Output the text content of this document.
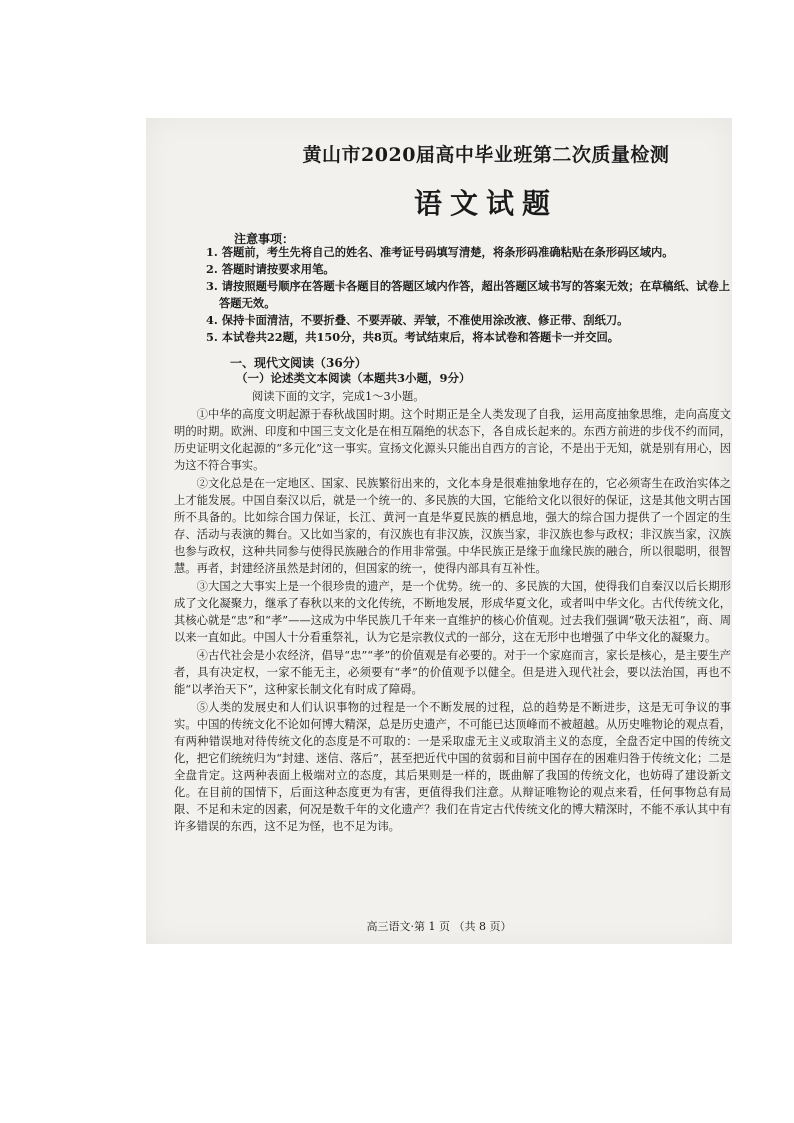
黄山市2020届高中毕业班第二次质量检测
语文试题
注意事项：
1. 答题前，考生先将自己的姓名、准考证号码填写清楚，将条形码准确粘贴在条形码区域内。
2. 答题时请按要求用笔。
3. 请按照题号顺序在答题卡各题目的答题区域内作答，超出答题区域书写的答案无效；在草稿纸、试卷上答题无效。
4. 保持卡面清洁，不要折叠、不要弄破、弄皱，不准使用涂改液、修正带、刮纸刀。
5. 本试卷共22题，共150分，共8页。考试结束后，将本试卷和答题卡一并交回。
一、现代文阅读（36分）
（一）论述类文本阅读（本题共3小题，9分）
阅读下面的文字，完成1～3小题。

①中华的高度文明起源于春秋战国时期。这个时期正是全人类发现了自我，运用高度抽象思维，走向高度文明的时期。欧洲、印度和中国三支文化是在相互隔绝的状态下，各自成长起来的。东西方前进的步伐不约而同，历史证明文化起源的“多元化”这一事实。宣扬文化源头只能出自西方的言论，不是出于无知，就是别有用心，因为这不符合事实。

②文化总是在一定地区、国家、民族繁衍出来的，文化本身是很难抽象地存在的，它必须寄生在政治实体之上才能发展。中国自秦汉以后，就是一个统一的、多民族的大国，它能给文化以很好的保证，这是其他文明古国所不具备的。比如综合国力保证，长江、黄河一直是华夏民族的栖息地，强大的综合国力提供了一个固定的生存、活动与表演的舞台。又比如当家的，有汉族也有非汉族，汉族当家，非汉族也参与政权；非汉族当家，汉族也参与政权，这种共同参与使得民族融合的作用非常强。中华民族正是缘于血缘民族的融合，所以很聪明，很智慧。再者，封建经济虽然是封闭的，但国家的统一，使得内部具有互补性。

③大国之大事实上是一个很珍贵的遗产，是一个优势。统一的、多民族的大国，使得我们自秦汉以后长期形成了文化凝聚力，继承了春秋以来的文化传统，不断地发展，形成华夏文化，或者叫中华文化。古代传统文化，其核心就是“忠”和“孝”——这成为中华民族几千年来一直维护的核心价值观。过去我们强调“敬天法祖”，商、周以来一直如此。中国人十分看重祭礼，认为它是宗教仪式的一部分，这在无形中也增强了中华文化的凝聚力。

④古代社会是小农经济，倡导“忠”“孝”的价值观是有必要的。对于一个家庭而言，家长是核心，是主要生产者，具有决定权，一家不能无主，必须要有“孝”的价值观予以健全。但是进入现代社会，要以法治国，再也不能“以孝治天下”，这种家长制文化有时成了障碍。

⑤人类的发展史和人们认识事物的过程是一个不断发展的过程，总的趋势是不断进步，这是无可争议的事实。中国的传统文化不论如何博大精深，总是历史遗产，不可能已达顶峰而不被超越。从历史唯物论的观点看，有两种错误地对待传统文化的态度是不可取的：一是采取虚无主义或取消主义的态度，全盘否定中国的传统文化，把它们统统归为“封建、迷信、落后”，甚至把近代中国的贫弱和目前中国存在的困难归咎于传统文化；二是全盘肯定。这两种表面上极端对立的态度，其后果则是一样的，既曲解了我国的传统文化，也妨碍了建设新文化。在目前的国情下，后面这种态度更为有害，更值得我们注意。从辩证唯物论的观点来看，任何事物总有局限、不足和未定的因素，何况是数千年的文化遗产？我们在肯定古代传统文化的博大精深时，不能不承认其中有许多错误的东西，这不足为怪，也不足为讳。

高三语文·第 1 页 （共 8 页）
